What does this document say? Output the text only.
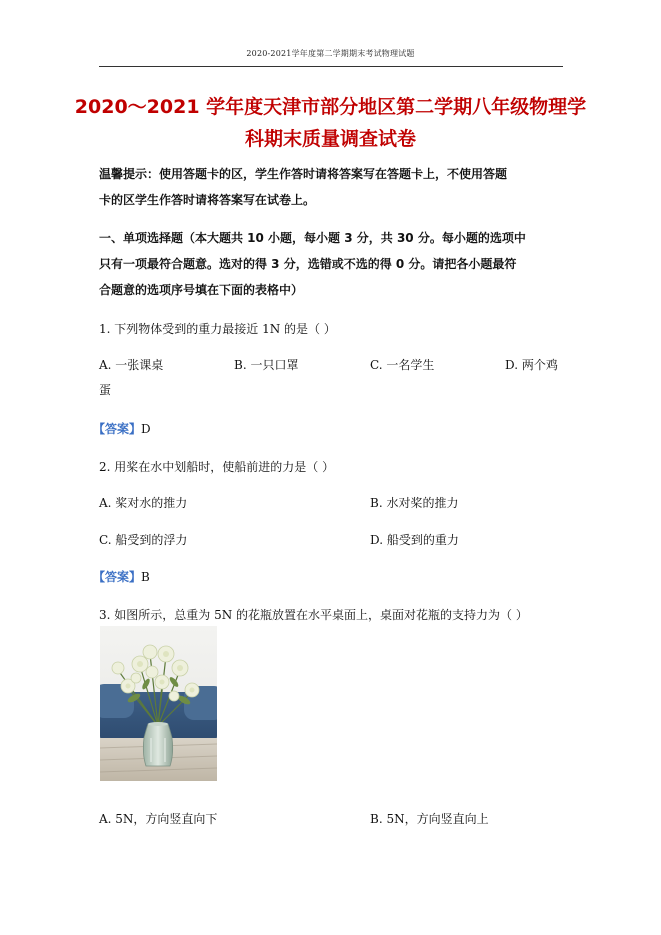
2020-2021学年度第二学期期末考试物理试题
2020～2021 学年度天津市部分地区第二学期八年级物理学
科期末质量调查试卷
温馨提示：使用答题卡的区，学生作答时请将答案写在答题卡上，不使用答题
卡的区学生作答时请将答案写在试卷上。
一、单项选择题（本大题共 10 小题，每小题 3 分，共 30 分。每小题的选项中
只有一项最符合题意。选对的得 3 分，选错或不选的得 0 分。请把各小题最符
合题意的选项序号填在下面的表格中）
1. 下列物体受到的重力最接近 1N 的是（ ）
A. 一张课桌	B. 一只口罩	C. 一名学生	D. 两个鸡
蛋
【答案】D
2. 用桨在水中划船时，使船前进的力是（ ）
A. 桨对水的推力	B. 水对桨的推力
C. 船受到的浮力	D. 船受到的重力
【答案】B
3. 如图所示，总重为 5N 的花瓶放置在水平桌面上，桌面对花瓶的支持力为（ ）
A. 5N，方向竖直向下	B. 5N，方向竖直向上
